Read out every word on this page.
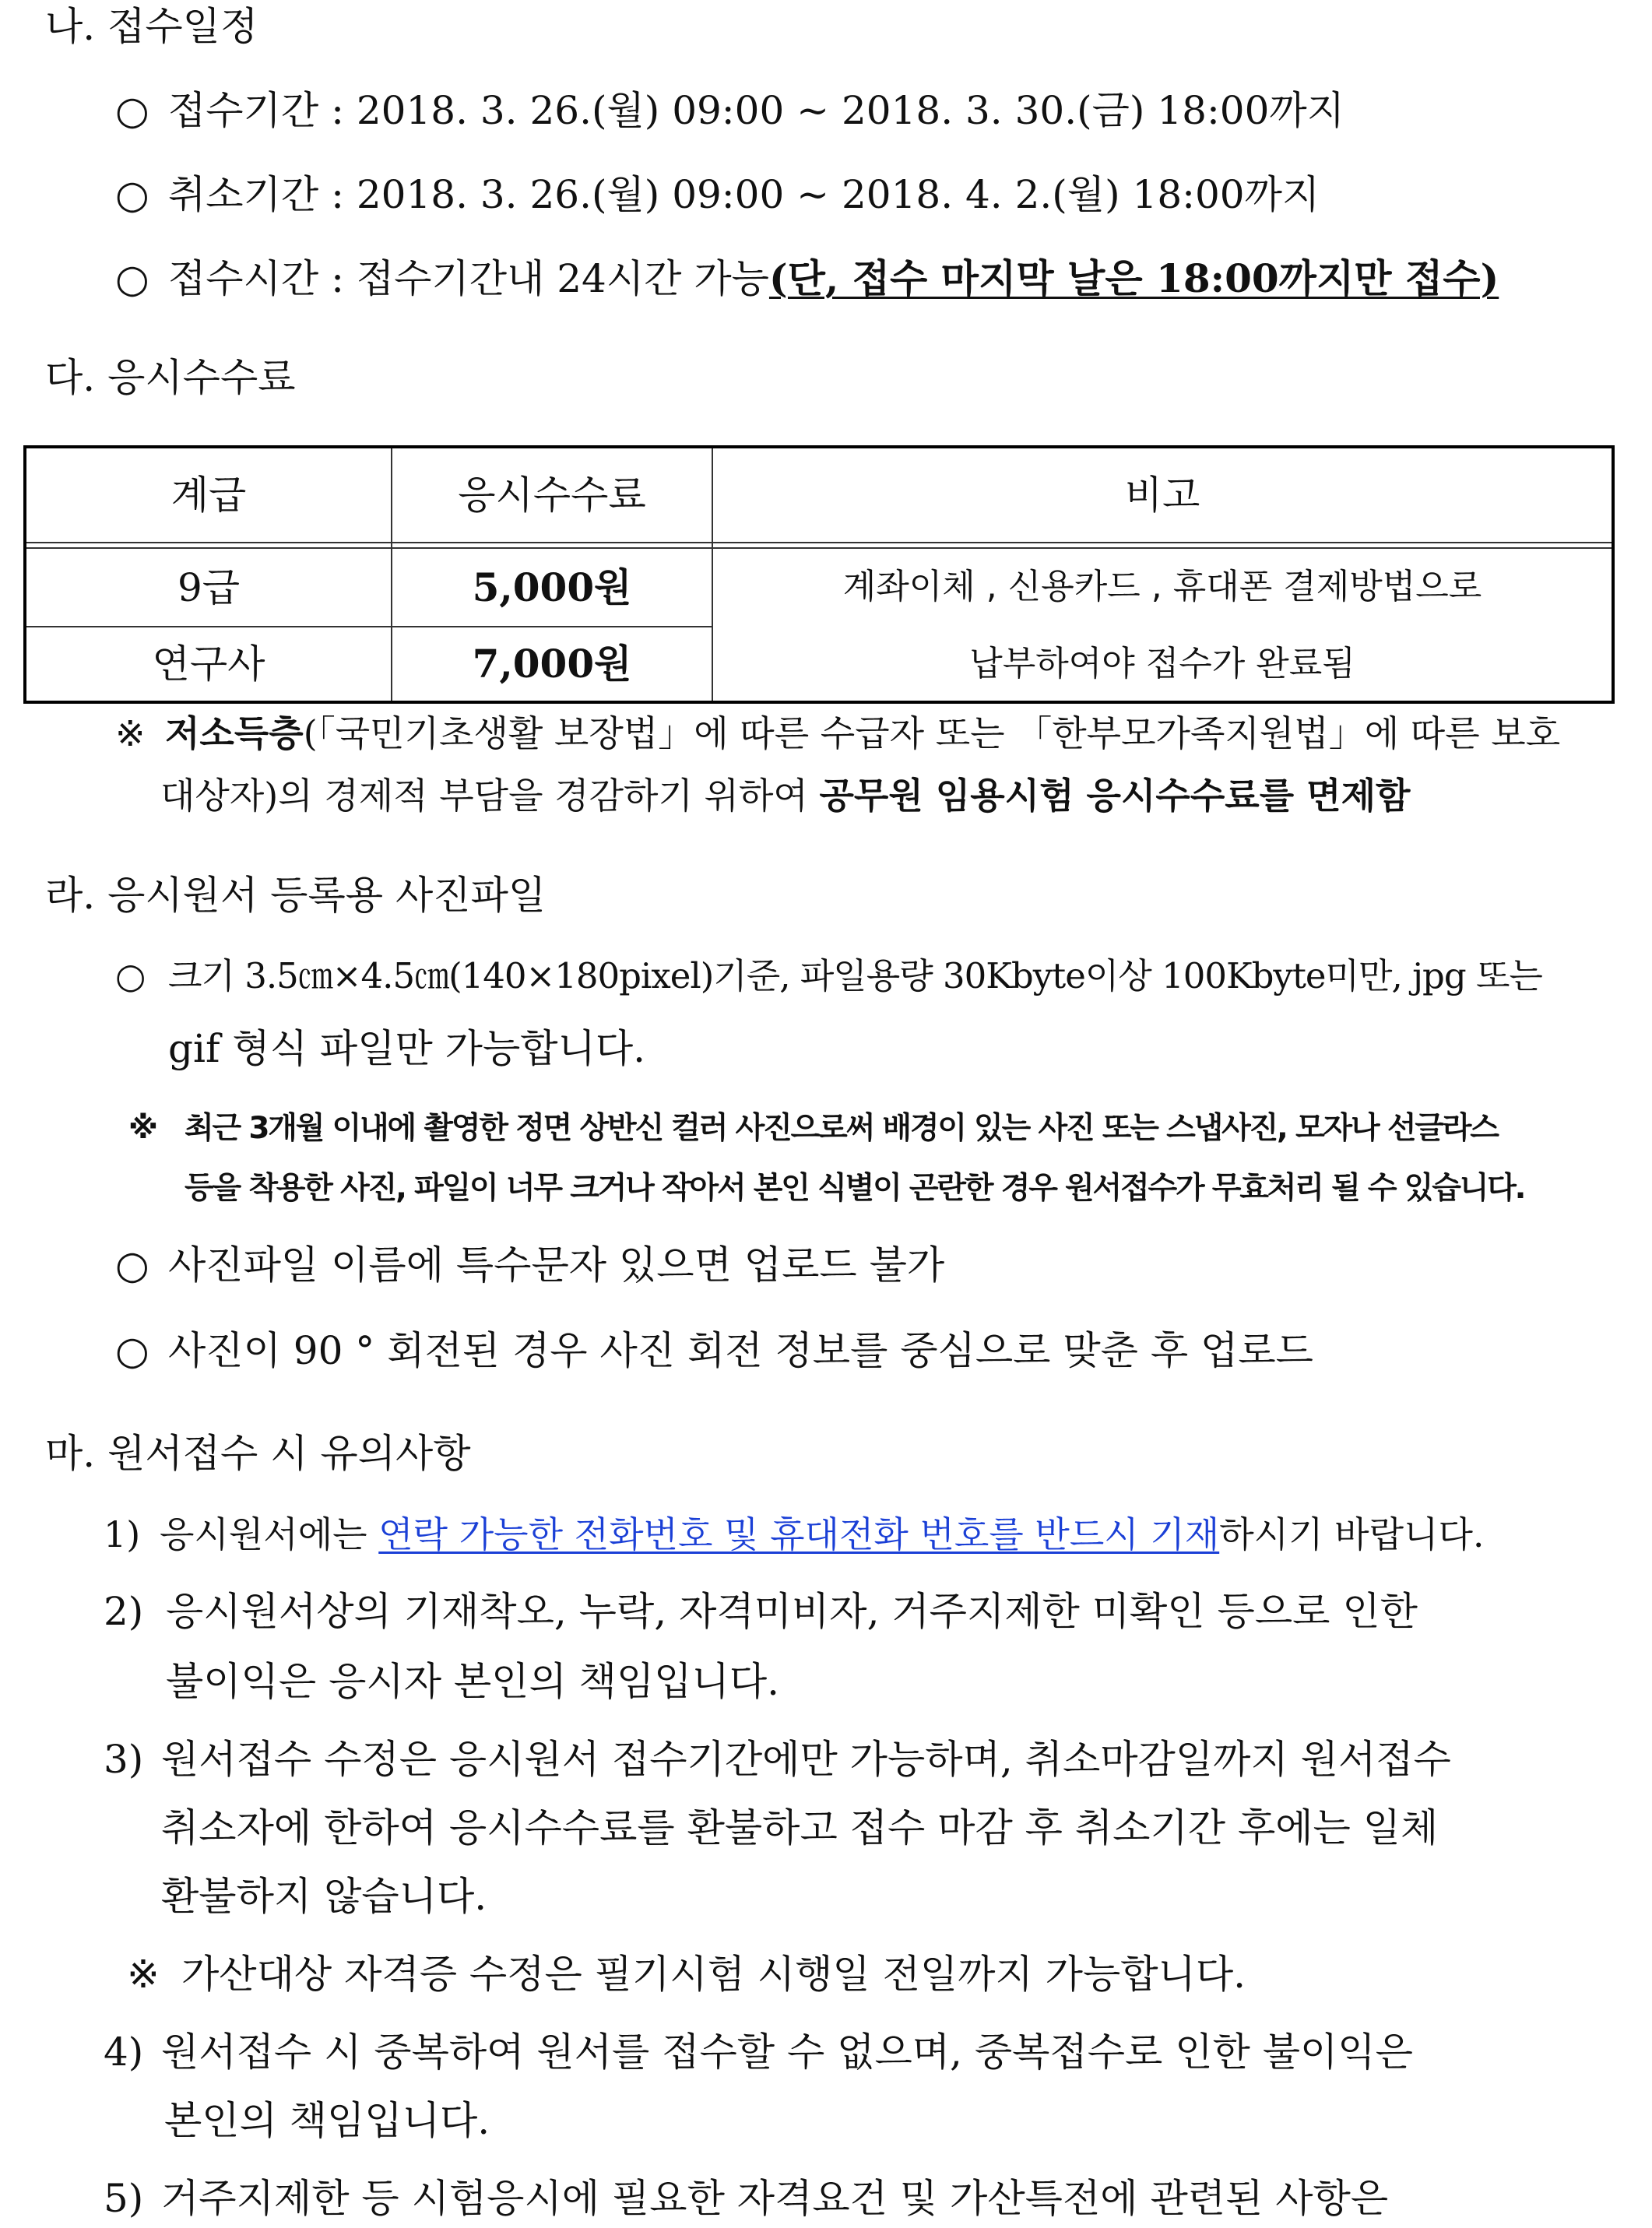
나. 접수일정
○ 접수기간 : 2018. 3. 26.(월) 09:00 ~ 2018. 3. 30.(금) 18:00까지
○ 취소기간 : 2018. 3. 26.(월) 09:00 ~ 2018. 4. 2.(월) 18:00까지
○ 접수시간 : 접수기간내 24시간 가능(단, 접수 마지막 날은 18:00까지만 접수)
다. 응시수수료
계급	응시수수료	비고
9급	5,000원
연구사	7,000원
계좌이체 , 신용카드 , 휴대폰 결제방법으로
납부하여야 접수가 완료됨
※ 저소득층(「국민기초생활 보장법」에 따른 수급자 또는 「한부모가족지원법」에 따른 보호
대상자)의 경제적 부담을 경감하기 위하여 공무원 임용시험 응시수수료를 면제함
라. 응시원서 등록용 사진파일
○ 크기 3.5㎝×4.5㎝(140×180pixel)기준, 파일용량 30Kbyte이상 100Kbyte미만, jpg 또는
gif 형식 파일만 가능합니다.
※ 최근 3개월 이내에 촬영한 정면 상반신 컬러 사진으로써 배경이 있는 사진 또는 스냅사진, 모자나 선글라스
등을 착용한 사진, 파일이 너무 크거나 작아서 본인 식별이 곤란한 경우 원서접수가 무효처리 될 수 있습니다.
○ 사진파일 이름에 특수문자 있으면 업로드 불가
○ 사진이 90 ° 회전된 경우 사진 회전 정보를 중심으로 맞춘 후 업로드
마. 원서접수 시 유의사항
1) 응시원서에는 연락 가능한 전화번호 및 휴대전화 번호를 반드시 기재하시기 바랍니다.
2) 응시원서상의 기재착오, 누락, 자격미비자, 거주지제한 미확인 등으로 인한
불이익은 응시자 본인의 책임입니다.
3) 원서접수 수정은 응시원서 접수기간에만 가능하며, 취소마감일까지 원서접수
취소자에 한하여 응시수수료를 환불하고 접수 마감 후 취소기간 후에는 일체
환불하지 않습니다.
※ 가산대상 자격증 수정은 필기시험 시행일 전일까지 가능합니다.
4) 원서접수 시 중복하여 원서를 접수할 수 없으며, 중복접수로 인한 불이익은
본인의 책임입니다.
5) 거주지제한 등 시험응시에 필요한 자격요건 및 가산특전에 관련된 사항은
